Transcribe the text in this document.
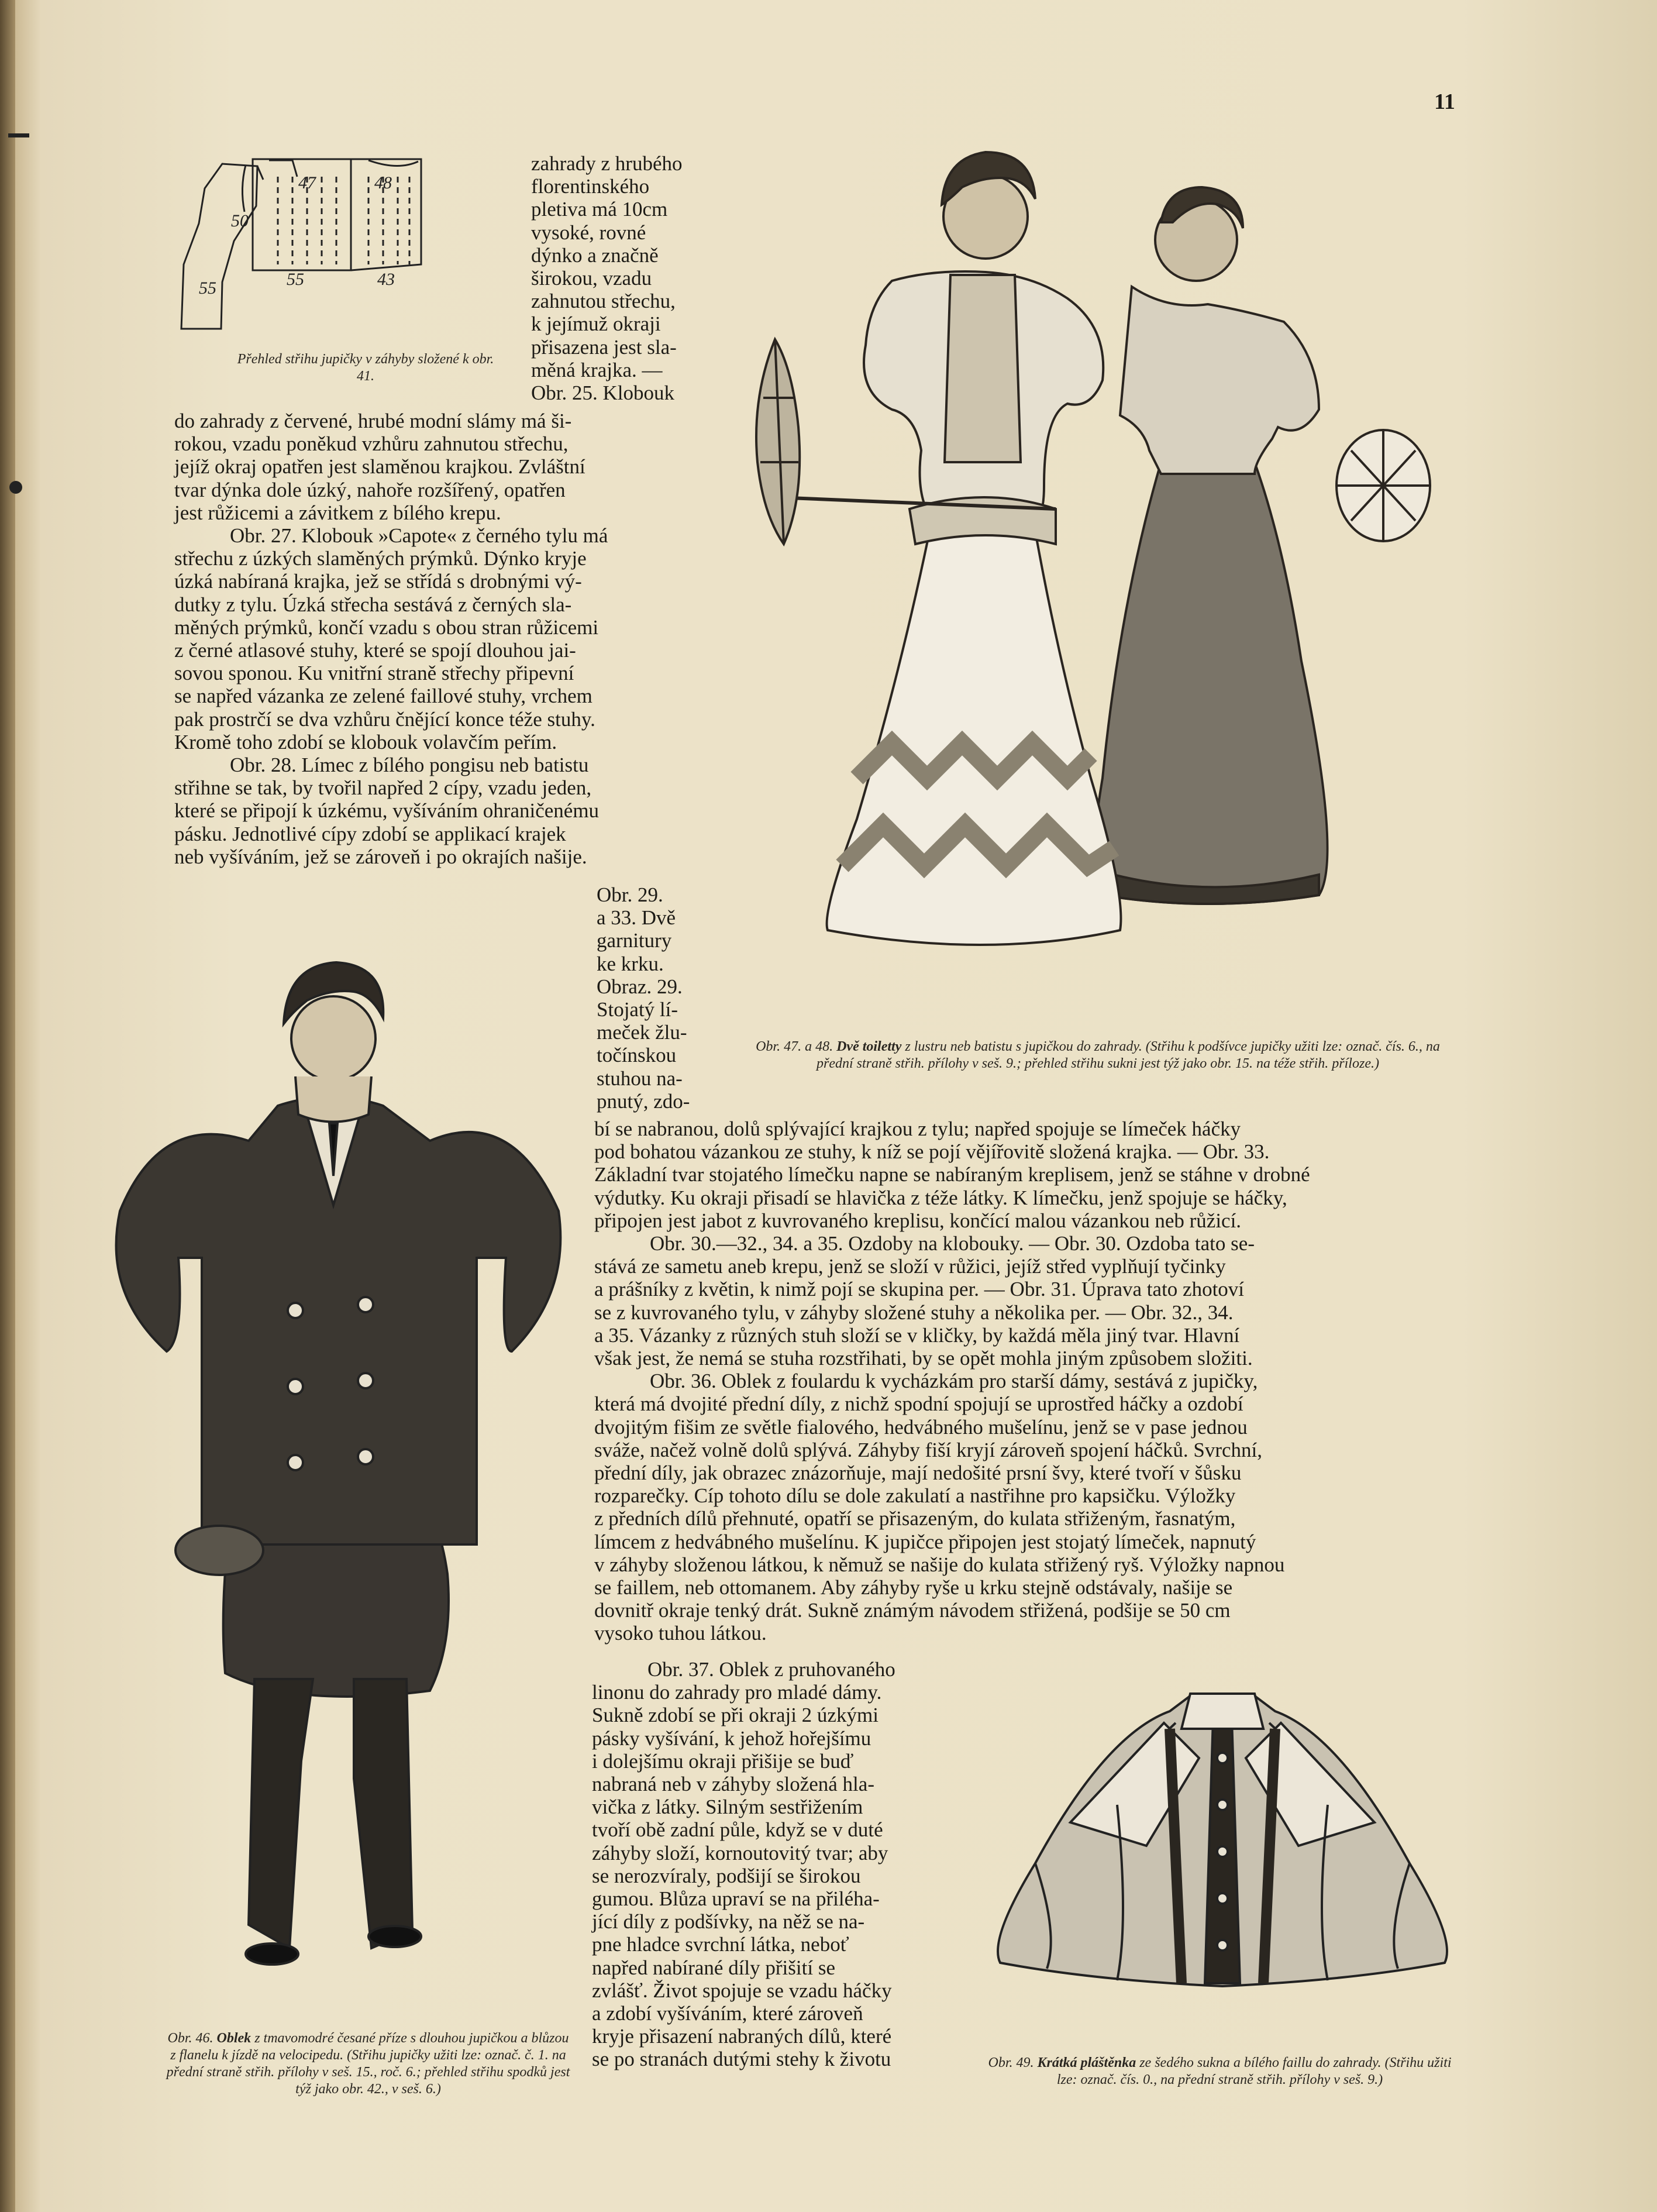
11
55
47	48
50
55	43
Přehled střihu jupičky v záhyby složené k obr. 41.

zahrady z hrubého

florentinského

pletiva má 10cm

vysoké, rovné

dýnko a značně

širokou, vzadu

zahnutou střechu,

k jejímuž okraji

přisazena jest sla-

měná krajka. —

Obr. 25. Klobouk

do zahrady z červené, hrubé modní slámy má ši-

rokou, vzadu poněkud vzhůru zahnutou střechu,

jejíž okraj opatřen jest slaměnou krajkou. Zvláštní

tvar dýnka dole úzký, nahoře rozšířený, opatřen

jest růžicemi a závitkem z bílého krepu.

Obr. 27. Klobouk »Capote« z černého tylu má

střechu z úzkých slaměných prýmků. Dýnko kryje

úzká nabíraná krajka, jež se střídá s drobnými vý-

dutky z tylu. Úzká střecha sestává z černých sla-

měných prýmků, končí vzadu s obou stran růžicemi

z černé atlasové stuhy, které se spojí dlouhou jai-

sovou sponou. Ku vnitřní straně střechy připevní

se napřed vázanka ze zelené faillové stuhy, vrchem

pak prostrčí se dva vzhůru čnějící konce téže stuhy.

Kromě toho zdobí se klobouk volavčím peřím.

Obr. 28. Límec z bílého pongisu neb batistu

střihne se tak, by tvořil napřed 2 cípy, vzadu jeden,

které se připojí k úzkému, vyšíváním ohraničenému

pásku. Jednotlivé cípy zdobí se applikací krajek

neb vyšíváním, jež se zároveň i po okrajích našije.

Obr. 29.

a 33. Dvě

garnitury

ke krku.

Obraz. 29.

Stojatý lí-

meček žlu-

točínskou

stuhou na-

pnutý, zdo-

Obr. 47. a 48. Dvě toiletty z lustru neb batistu s jupičkou do zahrady. (Střihu k podšívce jupičky užiti lze: označ. čís. 6., na přední straně střih. přílohy v seš. 9.; přehled střihu sukni jest týž jako obr. 15. na téže střih. příloze.)
Obr. 46. Oblek z tmavomodré česané příze s dlouhou jupičkou a blůzou z flanelu k jízdě na velocipedu. (Střihu jupičky užiti lze: označ. č. 1. na přední straně střih. přílohy v seš. 15., roč. 6.; přehled střihu spodků jest týž jako obr. 42., v seš. 6.)

bí se nabranou, dolů splývající krajkou z tylu; napřed spojuje se límeček háčky

pod bohatou vázankou ze stuhy, k níž se pojí vějířovitě složená krajka. — Obr. 33.

Základní tvar stojatého límečku napne se nabíraným kreplisem, jenž se stáhne v drobné

výdutky. Ku okraji přisadí se hlavička z téže látky. K límečku, jenž spojuje se háčky,

připojen jest jabot z kuvrovaného kreplisu, končící malou vázankou neb růžicí.

Obr. 30.—32., 34. a 35. Ozdoby na klobouky. — Obr. 30. Ozdoba tato se-

stává ze sametu aneb krepu, jenž se složí v růžici, jejíž střed vyplňují tyčinky

a prášníky z květin, k nimž pojí se skupina per. — Obr. 31. Úprava tato zhotoví

se z kuvrovaného tylu, v záhyby složené stuhy a několika per. — Obr. 32., 34.

a 35. Vázanky z různých stuh složí se v kličky, by každá měla jiný tvar. Hlavní

však jest, že nemá se stuha rozstřihati, by se opět mohla jiným způsobem složiti.

Obr. 36. Oblek z foulardu k vycházkám pro starší dámy, sestává z jupičky,

která má dvojité přední díly, z nichž spodní spojují se uprostřed háčky a ozdobí

dvojitým fišim ze světle fialového, hedvábného mušelínu, jenž se v pase jednou

sváže, načež volně dolů splývá. Záhyby fiší kryjí zároveň spojení háčků. Svrchní,

přední díly, jak obrazec znázorňuje, mají nedošité prsní švy, které tvoří v šůsku

rozparečky. Cíp tohoto dílu se dole zakulatí a nastřihne pro kapsičku. Výložky

z předních dílů přehnuté, opatří se přisazeným, do kulata střiženým, řasnatým,

límcem z hedvábného mušelínu. K jupičce připojen jest stojatý límeček, napnutý

v záhyby složenou látkou, k němuž se našije do kulata střižený ryš. Výložky napnou

se faillem, neb ottomanem. Aby záhyby ryše u krku stejně odstávaly, našije se

dovnitř okraje tenký drát. Sukně známým návodem střižená, podšije se 50 cm

vysoko tuhou látkou.

Obr. 37. Oblek z pruhovaného

linonu do zahrady pro mladé dámy.

Sukně zdobí se při okraji 2 úzkými

pásky vyšívání, k jehož hořejšímu

i dolejšímu okraji přišije se buď

nabraná neb v záhyby složená hla-

vička z látky. Silným sestřižením

tvoří obě zadní půle, když se v duté

záhyby složí, kornoutovitý tvar; aby

se nerozvíraly, podšijí se širokou

gumou. Blůza upraví se na přiléha-

jící díly z podšívky, na něž se na-

pne hladce svrchní látka, neboť

napřed nabírané díly přišití se

zvlášť. Život spojuje se vzadu háčky

a zdobí vyšíváním, které zároveň

kryje přisazení nabraných dílů, které

se po stranách dutými stehy k životu	Obr. 49. Krátká pláštěnka ze šedého sukna a bílého faillu do zahrady. (Střihu užiti lze: označ. čís. 0., na přední straně střih. přílohy v seš. 9.)
